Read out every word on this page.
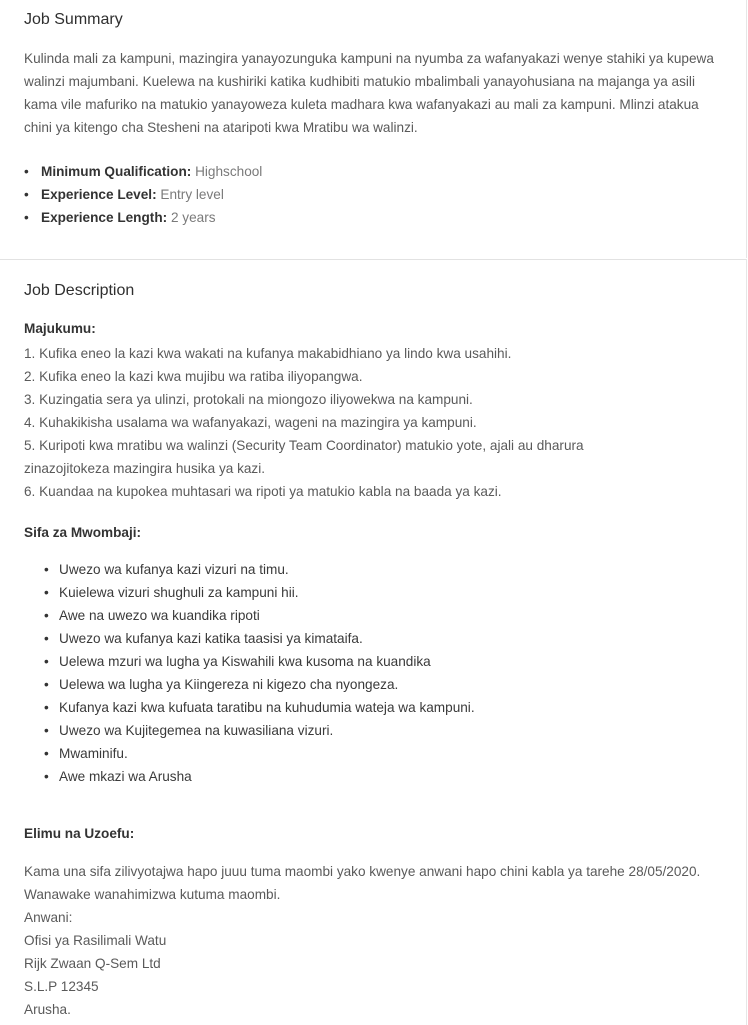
Job Summary

Kulinda mali za kampuni, mazingira yanayozunguka kampuni na nyumba za wafanyakazi wenye stahiki ya kupewa walinzi majumbani. Kuelewa na kushiriki katika kudhibiti matukio mbalimbali yanayohusiana na majanga ya asili kama vile mafuriko na matukio yanayoweza kuleta madhara kwa wafanyakazi au mali za kampuni. Mlinzi atakua chini ya kitengo cha Stesheni na ataripoti kwa Mratibu wa walinzi.

• Minimum Qualification: Highschool
• Experience Level: Entry level
• Experience Length: 2 years
Job Description
Majukumu:
1. Kufika eneo la kazi kwa wakati na kufanya makabidhiano ya lindo kwa usahihi.
2. Kufika eneo la kazi kwa mujibu wa ratiba iliyopangwa.
3. Kuzingatia sera ya ulinzi, protokali na miongozo iliyowekwa na kampuni.
4. Kuhakikisha usalama wa wafanyakazi, wageni na mazingira ya kampuni.
5. Kuripoti kwa mratibu wa walinzi (Security Team Coordinator) matukio yote, ajali au dharura zinazojitokeza mazingira husika ya kazi.
6. Kuandaa na kupokea muhtasari wa ripoti ya matukio kabla na baada ya kazi.
Sifa za Mwombaji:
• Uwezo wa kufanya kazi vizuri na timu.
• Kuielewa vizuri shughuli za kampuni hii.
• Awe na uwezo wa kuandika ripoti
• Uwezo wa kufanya kazi katika taasisi ya kimataifa.
• Uelewa mzuri wa lugha ya Kiswahili kwa kusoma na kuandika
• Uelewa wa lugha ya Kiingereza ni kigezo cha nyongeza.
• Kufanya kazi kwa kufuata taratibu na kuhudumia wateja wa kampuni.
• Uwezo wa Kujitegemea na kuwasiliana vizuri.
• Mwaminifu.
• Awe mkazi wa Arusha
Elimu na Uzoefu:
Kama una sifa zilivyotajwa hapo juuu tuma maombi yako kwenye anwani hapo chini kabla ya tarehe 28/05/2020.
Wanawake wanahimizwa kutuma maombi.
Anwani:
Ofisi ya Rasilimali Watu
Rijk Zwaan Q-Sem Ltd
S.L.P 12345
Arusha.
